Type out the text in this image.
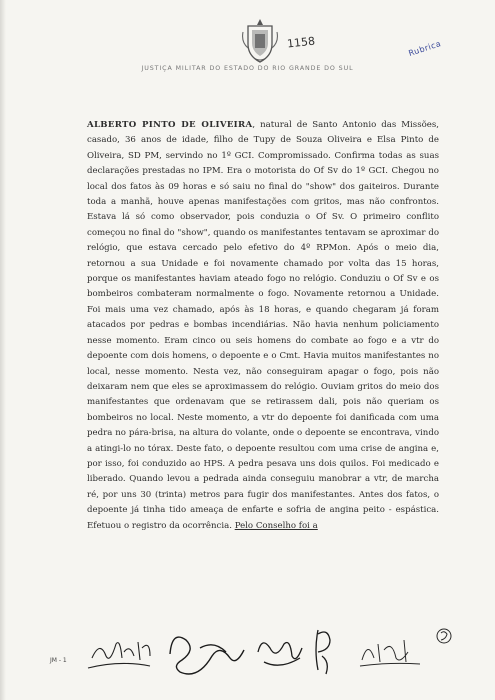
1158	Rubrica
JUSTIÇA MILITAR DO ESTADO DO RIO GRANDE DO SUL

ALBERTO PINTO DE OLIVEIRA, natural de Santo Antonio das Missões, casado, 36 anos de idade, filho de Tupy de Souza Oliveira e Elsa Pinto de Oliveira, SD PM, servindo no 1º GCI. Compromissado. Confirma todas as suas declarações prestadas no IPM. Era o motorista do Of Sv do 1º GCI. Chegou no local dos fatos às 09 horas e só saiu no final do "show" dos gaiteiros. Durante toda a manhã, houve apenas manifestações com gritos, mas não confrontos. Estava lá só como observador, pois conduzia o Of Sv. O primeiro conflito começou no final do "show", quando os manifestantes tentavam se aproximar do relógio, que estava cercado pelo efetivo do 4º RPMon. Após o meio dia, retornou a sua Unidade e foi novamente chamado por volta das 15 horas, porque os manifestantes haviam ateado fogo no relógio. Conduziu o Of Sv e os bombeiros combateram normalmente o fogo. Novamente retornou a Unidade. Foi mais uma vez chamado, após às 18 horas, e quando chegaram já foram atacados por pedras e bombas incendiárias. Não havia nenhum policiamento nesse momento. Eram cinco ou seis homens do combate ao fogo e a vtr do depoente com dois homens, o depoente e o Cmt. Havia muitos manifestantes no local, nesse momento. Nesta vez, não conseguiram apagar o fogo, pois não deixaram nem que eles se aproximassem do relógio. Ouviam gritos do meio dos manifestantes que ordenavam que se retirassem dali, pois não queriam os bombeiros no local. Neste momento, a vtr do depoente foi danificada com uma pedra no pára-brisa, na altura do volante, onde o depoente se encontrava, vindo a atingi-lo no tórax. Deste fato, o depoente resultou com uma crise de angina e, por isso, foi conduzido ao HPS. A pedra pesava uns dois quilos. Foi medicado e liberado. Quando levou a pedrada ainda conseguiu manobrar a vtr, de marcha ré, por uns 30 (trinta) metros para fugir dos manifestantes. Antes dos fatos, o depoente já tinha tido ameaça de enfarte e sofria de angina peito - espástica. Efetuou o registro da ocorrência. Pelo Conselho foi a

JM - 1
